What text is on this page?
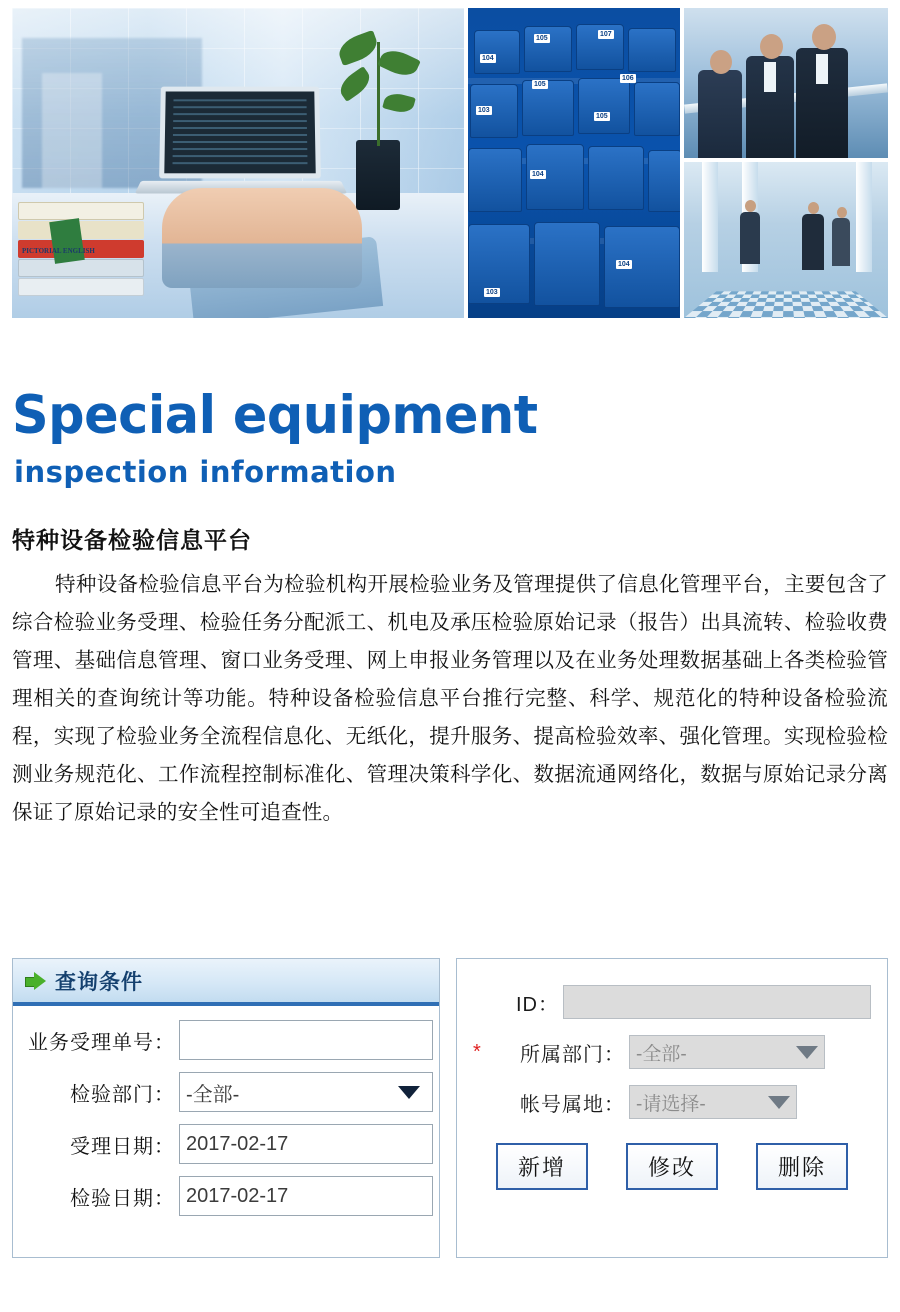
PICTORIAL ENGLISH
107
105
104
105
106
103
105
104
104
103
Special equipment
inspection information
特种设备检验信息平台
特种设备检验信息平台为检验机构开展检验业务及管理提供了信息化管理平台，主要包含了综合检验业务受理、检验任务分配派工、机电及承压检验原始记录（报告）出具流转、检验收费管理、基础信息管理、窗口业务受理、网上申报业务管理以及在业务处理数据基础上各类检验管理相关的查询统计等功能。特种设备检验信息平台推行完整、科学、规范化的特种设备检验流程，实现了检验业务全流程信息化、无纸化，提升服务、提高检验效率、强化管理。实现检验检测业务规范化、工作流程控制标准化、管理决策科学化、数据流通网络化，数据与原始记录分离保证了原始记录的安全性可追查性。
查询条件
业务受理单号：
检验部门： -全部-
受理日期： 2017-02-17
检验日期： 2017-02-17
ID：
*	所属部门： -全部-
帐号属地： -请选择-
新增	修改	删除
